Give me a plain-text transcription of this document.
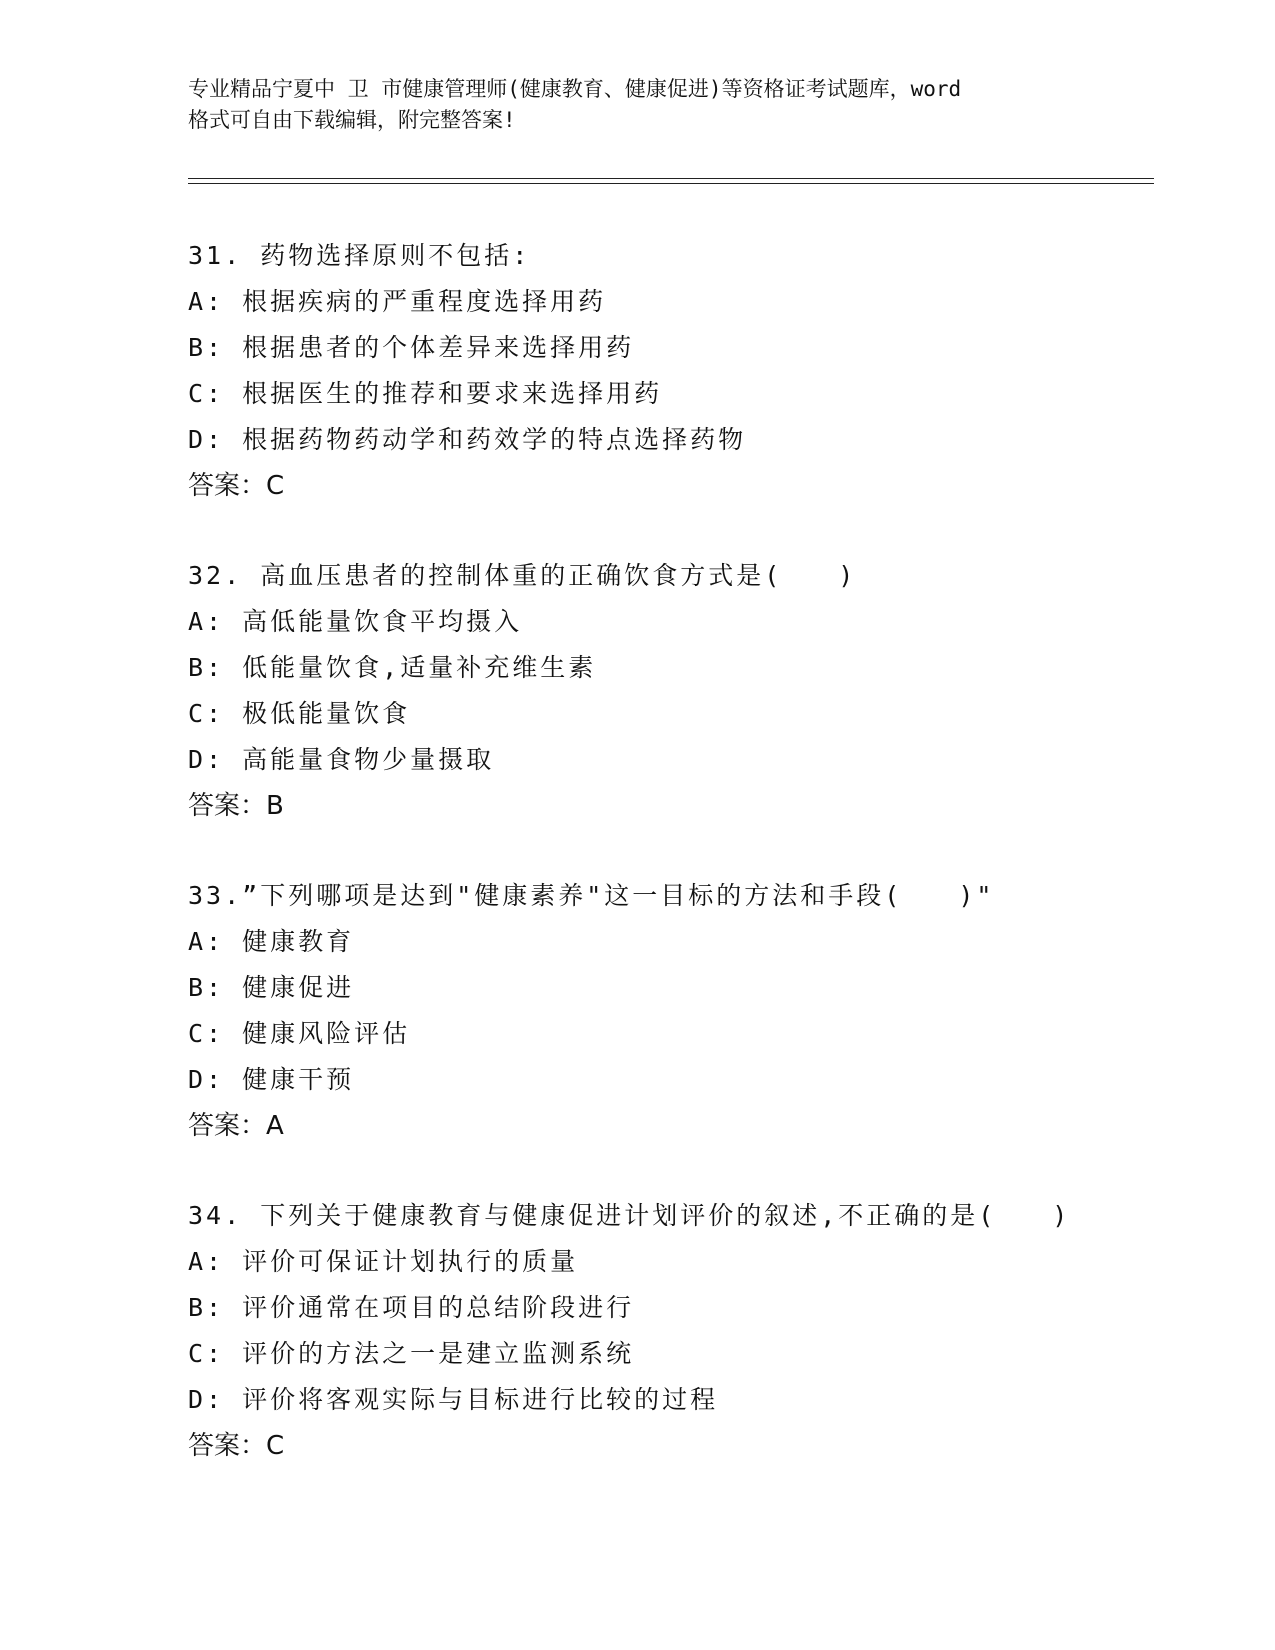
专业精品宁夏中 卫 市健康管理师(健康教育、健康促进)等资格证考试题库，word
格式可自由下载编辑，附完整答案!
31. 药物选择原则不包括:
A: 根据疾病的严重程度选择用药
B: 根据患者的个体差异来选择用药
C: 根据医生的推荐和要求来选择用药
D: 根据药物药动学和药效学的特点选择药物
答案：C
32. 高血压患者的控制体重的正确饮食方式是(　　)
A: 高低能量饮食平均摄入
B: 低能量饮食,适量补充维生素
C: 极低能量饮食
D: 高能量食物少量摄取
答案：B
33.”下列哪项是达到"健康素养"这一目标的方法和手段(　　)"
A: 健康教育
B: 健康促进
C: 健康风险评估
D: 健康干预
答案：A
34. 下列关于健康教育与健康促进计划评价的叙述,不正确的是(　　)
A: 评价可保证计划执行的质量
B: 评价通常在项目的总结阶段进行
C: 评价的方法之一是建立监测系统
D: 评价将客观实际与目标进行比较的过程
答案：C
